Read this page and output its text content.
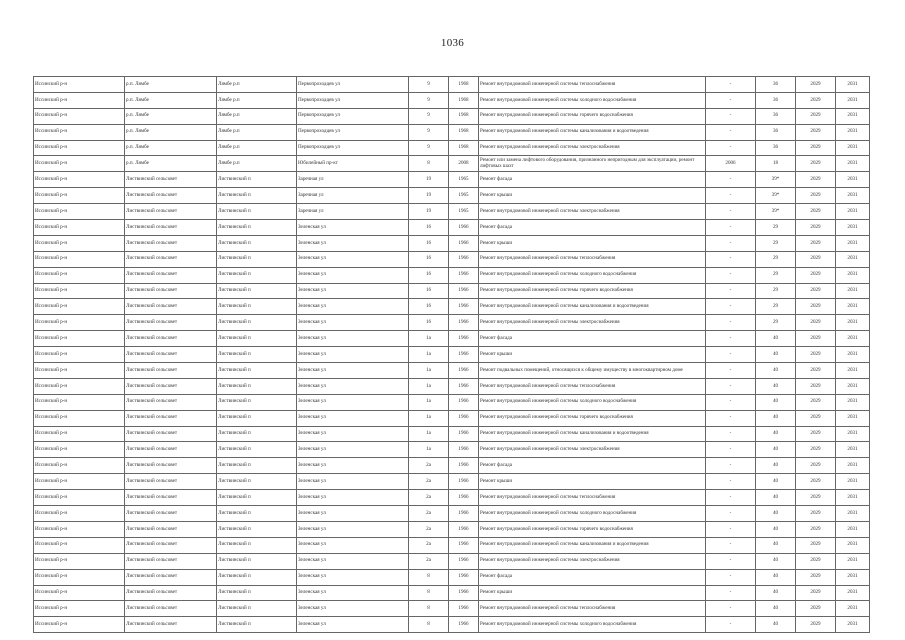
1036
Иссинский р-н	р.п. Лямбе	Лямбе р.п	Первопроходцев ул	9	1968	Ремонт внутридомовой инженерной системы теплоснабжения	-	36	2029	2031
Иссинский р-н	р.п. Лямбе	Лямбе р.п	Первопроходцев ул	9	1968	Ремонт внутридомовой инженерной системы холодного водоснабжения	-	36	2029	2031
Иссинский р-н	р.п. Лямбе	Лямбе р.п	Первопроходцев ул	9	1968	Ремонт внутридомовой инженерной системы горячего водоснабжения	-	36	2029	2031
Иссинский р-н	р.п. Лямбе	Лямбе р.п	Первопроходцев ул	9	1968	Ремонт внутридомовой инженерной системы канализования и водоотведения	-	36	2029	2031
Иссинский р-н	р.п. Лямбе	Лямбе р.п	Первопроходцев ул	9	1968	Ремонт внутридомовой инженерной системы электроснабжения	-	36	2029	2031
Иссинский р-н	р.п. Лямбе	Лямбе р.п	Юбилейный пр-кт	8	2008	Ремонт или замена лифтового оборудования, признанного непригодным для эксплуатации, ремонт лифтовых шахт	2006	18	2029	2031
Иссинский р-н	Листвинский сельсовет	Листвинский п	Заречная ул	19	1965	Ремонт фасада	-	39*	2029	2031
Иссинский р-н	Листвинский сельсовет	Листвинский п	Заречная ул	19	1965	Ремонт крыши	-	39*	2029	2031
Иссинский р-н	Листвинский сельсовет	Листвинский п	Заречная ул	19	1965	Ремонт внутридомовой инженерной системы электроснабжения	-	39*	2029	2031
Иссинский р-н	Листвинский сельсовет	Листвинский п	Зеленская ул	16	1966	Ремонт фасада	-	29	2029	2031
Иссинский р-н	Листвинский сельсовет	Листвинский п	Зеленская ул	16	1966	Ремонт крыши	-	29	2029	2031
Иссинский р-н	Листвинский сельсовет	Листвинский п	Зеленская ул	16	1966	Ремонт внутридомовой инженерной системы теплоснабжения	-	29	2029	2031
Иссинский р-н	Листвинский сельсовет	Листвинский п	Зеленская ул	16	1966	Ремонт внутридомовой инженерной системы холодного водоснабжения	-	29	2029	2031
Иссинский р-н	Листвинский сельсовет	Листвинский п	Зеленская ул	16	1966	Ремонт внутридомовой инженерной системы горячего водоснабжения	-	29	2029	2031
Иссинский р-н	Листвинский сельсовет	Листвинский п	Зеленская ул	16	1966	Ремонт внутридомовой инженерной системы канализования и водоотведения	-	29	2029	2031
Иссинский р-н	Листвинский сельсовет	Листвинский п	Зеленская ул	16	1966	Ремонт внутридомовой инженерной системы электроснабжения	-	29	2029	2031
Иссинский р-н	Листвинский сельсовет	Листвинский п	Зеленская ул	1а	1966	Ремонт фасада	-	40	2029	2031
Иссинский р-н	Листвинский сельсовет	Листвинский п	Зеленская ул	1а	1966	Ремонт крыши	-	40	2029	2031
Иссинский р-н	Листвинский сельсовет	Листвинский п	Зеленская ул	1а	1966	Ремонт подвальных помещений, относящихся к общему имуществу в многоквартирном доме	-	40	2029	2031
Иссинский р-н	Листвинский сельсовет	Листвинский п	Зеленская ул	1а	1966	Ремонт внутридомовой инженерной системы теплоснабжения	-	40	2029	2031
Иссинский р-н	Листвинский сельсовет	Листвинский п	Зеленская ул	1а	1966	Ремонт внутридомовой инженерной системы холодного водоснабжения	-	40	2029	2031
Иссинский р-н	Листвинский сельсовет	Листвинский п	Зеленская ул	1а	1966	Ремонт внутридомовой инженерной системы горячего водоснабжения	-	40	2029	2031
Иссинский р-н	Листвинский сельсовет	Листвинский п	Зеленская ул	1а	1966	Ремонт внутридомовой инженерной системы канализования и водоотведения	-	40	2029	2031
Иссинский р-н	Листвинский сельсовет	Листвинский п	Зеленская ул	1а	1966	Ремонт внутридомовой инженерной системы электроснабжения	-	40	2029	2031
Иссинский р-н	Листвинский сельсовет	Листвинский п	Зеленская ул	2а	1966	Ремонт фасада	-	40	2029	2031
Иссинский р-н	Листвинский сельсовет	Листвинский п	Зеленская ул	2а	1966	Ремонт крыши	-	40	2029	2031
Иссинский р-н	Листвинский сельсовет	Листвинский п	Зеленская ул	2а	1966	Ремонт внутридомовой инженерной системы теплоснабжения	-	40	2029	2031
Иссинский р-н	Листвинский сельсовет	Листвинский п	Зеленская ул	2а	1966	Ремонт внутридомовой инженерной системы холодного водоснабжения	-	40	2029	2031
Иссинский р-н	Листвинский сельсовет	Листвинский п	Зеленская ул	2а	1966	Ремонт внутридомовой инженерной системы горячего водоснабжения	-	40	2029	2031
Иссинский р-н	Листвинский сельсовет	Листвинский п	Зеленская ул	2а	1966	Ремонт внутридомовой инженерной системы канализования и водоотведения	-	40	2029	2031
Иссинский р-н	Листвинский сельсовет	Листвинский п	Зеленская ул	2а	1966	Ремонт внутридомовой инженерной системы электроснабжения	-	40	2029	2031
Иссинский р-н	Листвинский сельсовет	Листвинский п	Зеленская ул	8	1966	Ремонт фасада	-	40	2029	2031
Иссинский р-н	Листвинский сельсовет	Листвинский п	Зеленская ул	8	1966	Ремонт крыши	-	40	2029	2031
Иссинский р-н	Листвинский сельсовет	Листвинский п	Зеленская ул	8	1966	Ремонт внутридомовой инженерной системы теплоснабжения	-	40	2029	2031
Иссинский р-н	Листвинский сельсовет	Листвинский п	Зеленская ул	8	1966	Ремонт внутридомовой инженерной системы холодного водоснабжения	-	40	2029	2031
